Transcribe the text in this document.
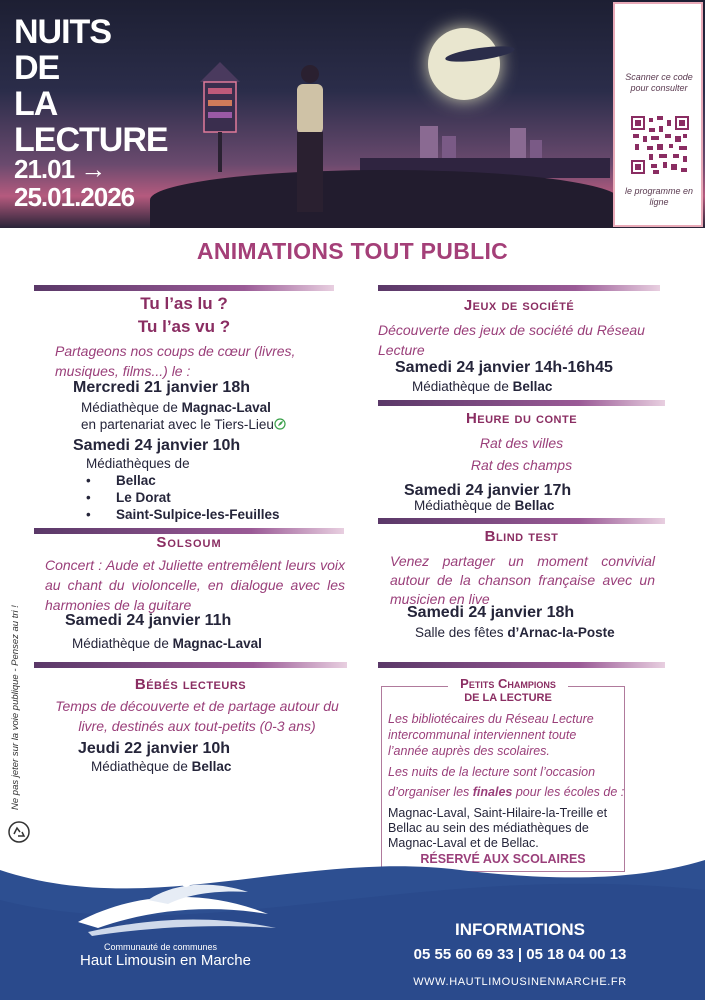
NUITS
DE
LA
LECTURE
21.01 →
25.01.2026
Scanner ce code pour consulter
le programme en ligne
ANIMATIONS TOUT PUBLIC
Ne pas jeter sur la voie publique - Pensez au tri !
Tu l’as lu ?
Tu l’as vu ?
Partageons nos coups de cœur (livres, musiques, films...) le :
Mercredi 21 janvier 18h
Médiathèque de Magnac-Laval
en partenariat avec le Tiers-Lieu
Samedi 24 janvier 10h
Médiathèques de
• Bellac
• Le Dorat
• Saint-Sulpice-les-Feuilles
Solsoum
Concert : Aude et Juliette entremêlent leurs voix au chant du violoncelle, en dialogue avec les harmonies de la guitare
Samedi 24 janvier 11h
Médiathèque de Magnac-Laval
Bébés lecteurs
Temps de découverte et de partage autour du livre, destinés aux tout-petits (0-3 ans)
Jeudi 22 janvier 10h
Médiathèque de Bellac
Jeux de société
Découverte des jeux de société du Réseau Lecture
Samedi 24 janvier 14h-16h45
Médiathèque de Bellac
Heure du conte
Rat des villes
Rat des champs
Samedi 24 janvier 17h
Médiathèque de Bellac
Blind test
Venez partager un moment convivial autour de la chanson française avec un musicien en live
Samedi 24 janvier 18h
Salle des fêtes d’Arnac-la-Poste
Petits Champions
DE LA LECTURE
Les bibliotécaires du Réseau Lecture intercommunal interviennent toute l’année auprès des scolaires.
Les nuits de la lecture sont l’occasion d’organiser les finales pour les écoles de :
Magnac-Laval, Saint-Hilaire-la-Treille et Bellac au sein des médiathèques de Magnac-Laval et de Bellac.
RÉSERVÉ AUX SCOLAIRES
Communauté de communes
Haut Limousin en Marche
INFORMATIONS
05 55 60 69 33 | 05 18 04 00 13
WWW.HAUTLIMOUSINENMARCHE.FR
